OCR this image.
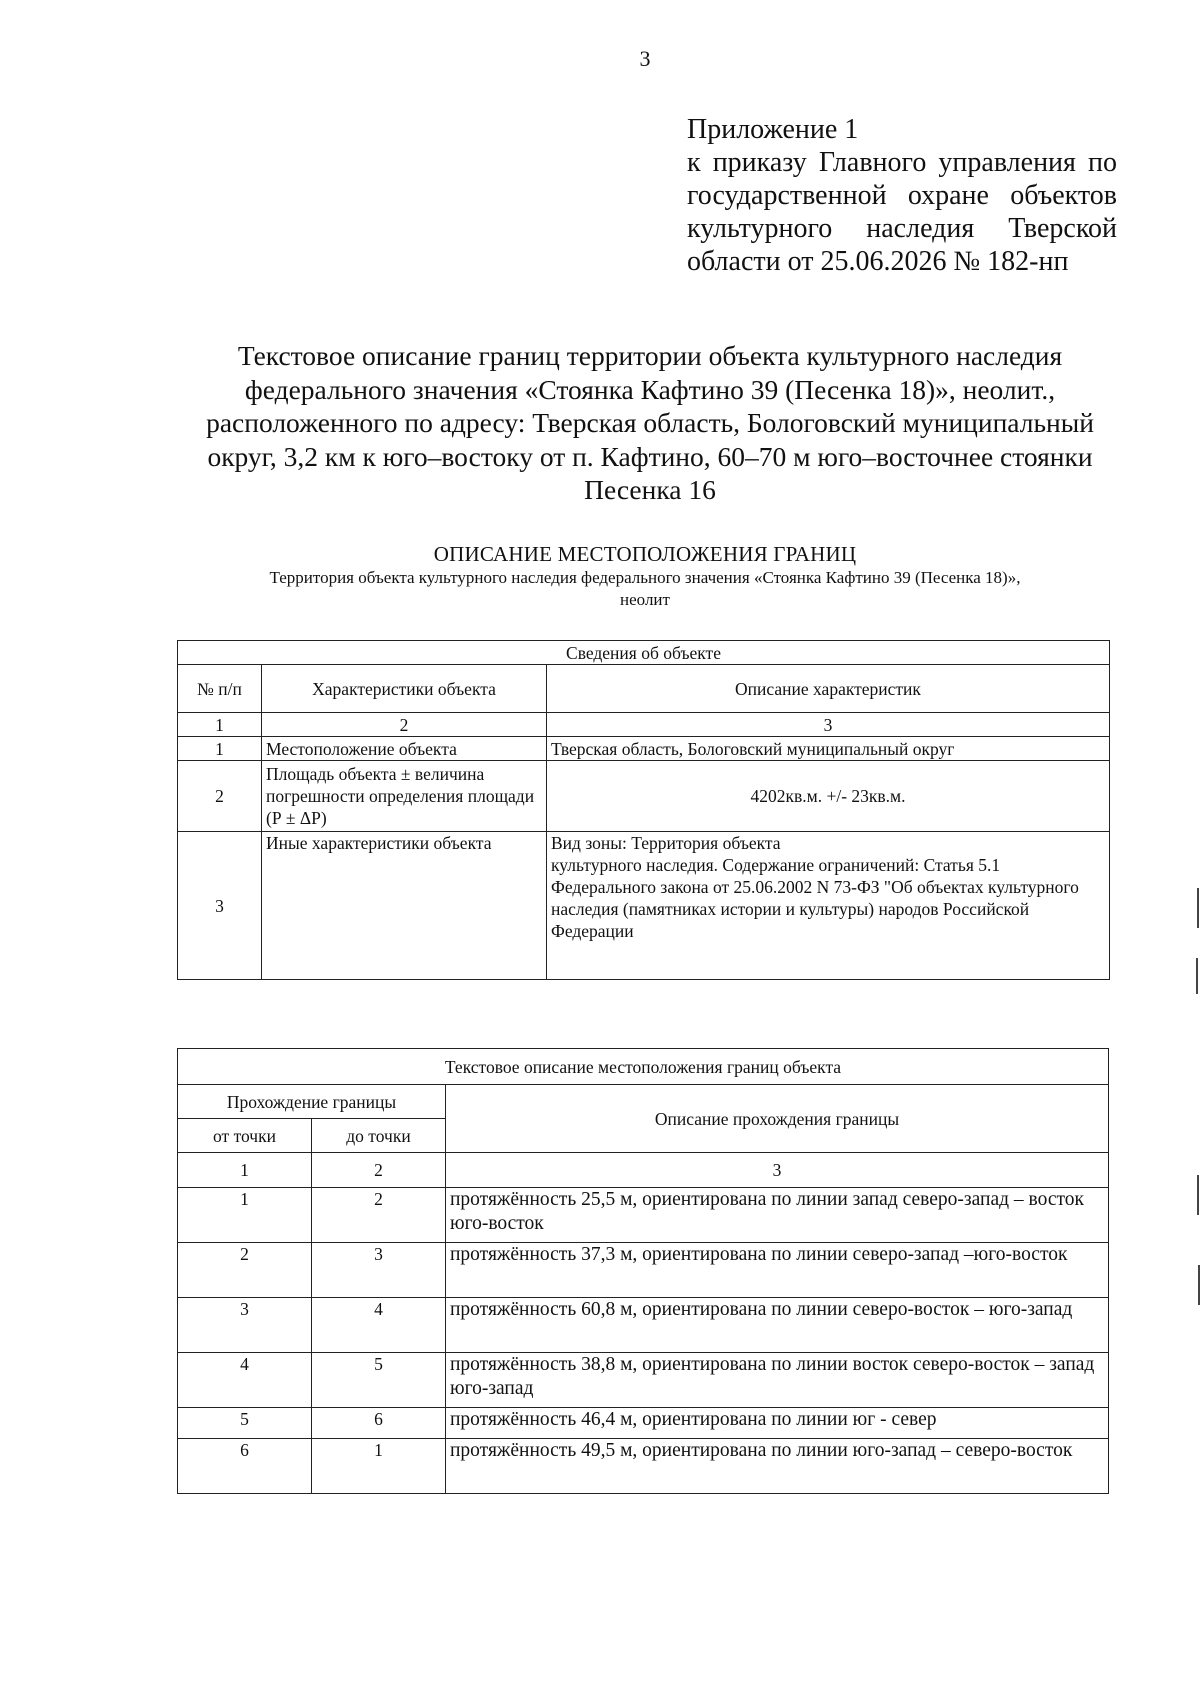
3
Приложение 1
к приказу Главного управления по
государственной охране объектов
культурного наследия Тверской
области от 25.06.2026 № 182-нп
Текстовое описание границ территории объекта культурного наследия
федерального значения «Стоянка Кафтино 39 (Песенка 18)», неолит.,
расположенного по адресу: Тверская область, Бологовский муниципальный
округ, 3,2 км к юго–востоку от п. Кафтино, 60–70 м юго–восточнее стоянки
Песенка 16
ОПИСАНИЕ МЕСТОПОЛОЖЕНИЯ ГРАНИЦ
Территория объекта культурного наследия федерального значения «Стоянка Кафтино 39 (Песенка 18)»,
неолит
Сведения об объекте		
№ п/п	Характеристики объекта	Описание характеристик
1	2	3
1	Местоположение объекта	Тверская область, Бологовский муниципальный округ
2	Площадь объекта ± величина погрешности определения площади (Р ± ΔР)	4202кв.м. +/- 23кв.м.
3	Иные характеристики объекта	Вид зоны: Территория объекта
культурного наследия. Содержание ограничений: Статья 5.1 Федерального закона от 25.06.2002 N 73-ФЗ "Об объектах культурного наследия (памятниках истории и культуры) народов Российской Федерации
Текстовое описание местоположения границ объекта		
Прохождение границы		Описание прохождения границы
от точки	до точки	
1	2	3
1	2	протяжённость 25,5 м, ориентирована по линии запад северо-запад – восток юго-восток
2	3	протяжённость 37,3 м, ориентирована по линии северо-запад –юго-восток
3	4	протяжённость 60,8 м, ориентирована по линии северо-восток – юго-запад
4	5	протяжённость 38,8 м, ориентирована по линии восток северо-восток – запад юго-запад
5	6	протяжённость 46,4 м, ориентирована по линии юг - север
6	1	протяжённость 49,5 м, ориентирована по линии юго-запад – северо-восток
